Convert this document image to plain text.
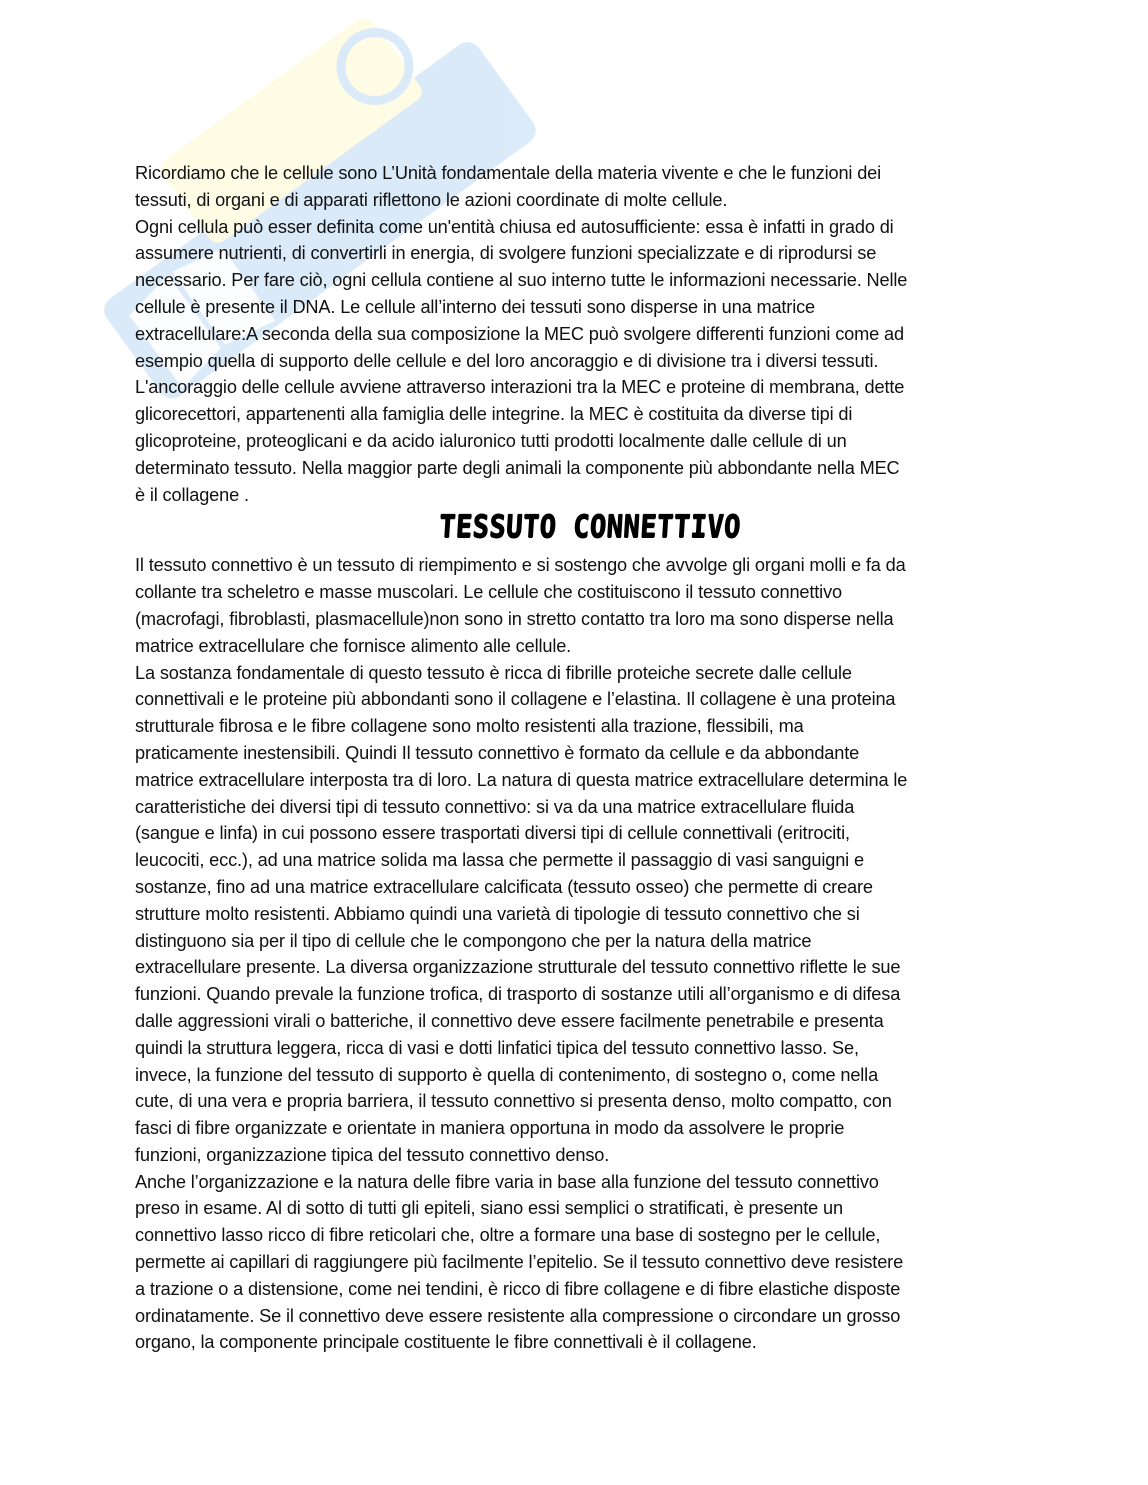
Ricordiamo che le cellule sono L’Unità fondamentale della materia vivente e che le funzioni dei
tessuti, di organi e di apparati riflettono le azioni coordinate di molte cellule.

Ogni cellula può esser definita come un'entità chiusa ed autosufficiente: essa è infatti in grado di
assumere nutrienti, di convertirli in energia, di svolgere funzioni specializzate e di riprodursi se
necessario. Per fare ciò, ogni cellula contiene al suo interno tutte le informazioni necessarie. Nelle
cellule è presente il DNA. Le cellule all’interno dei tessuti sono disperse in una matrice
extracellulare:A seconda della sua composizione la MEC può svolgere differenti funzioni come ad
esempio quella di supporto delle cellule e del loro ancoraggio e di divisione tra i diversi tessuti.
L'ancoraggio delle cellule avviene attraverso interazioni tra la MEC e proteine di membrana, dette
glicorecettori, appartenenti alla famiglia delle integrine. la MEC è costituita da diverse tipi di
glicoproteine, proteoglicani e da acido ialuronico tutti prodotti localmente dalle cellule di un
determinato tessuto. Nella maggior parte degli animali la componente più abbondante nella MEC
è il collagene .

TESSUTO CONNETTIVO

Il tessuto connettivo è un tessuto di riempimento e si sostengo che avvolge gli organi molli e fa da
collante tra scheletro e masse muscolari. Le cellule che costituiscono il tessuto connettivo
(macrofagi, fibroblasti, plasmacellule)non sono in stretto contatto tra loro ma sono disperse nella
matrice extracellulare che fornisce alimento alle cellule.

La sostanza fondamentale di questo tessuto è ricca di fibrille proteiche secrete dalle cellule
connettivali e le proteine più abbondanti sono il collagene e l’elastina. Il collagene è una proteina
strutturale fibrosa e le fibre collagene sono molto resistenti alla trazione, flessibili, ma
praticamente inestensibili. Quindi Il tessuto connettivo è formato da cellule e da abbondante
matrice extracellulare interposta tra di loro. La natura di questa matrice extracellulare determina le
caratteristiche dei diversi tipi di tessuto connettivo: si va da una matrice extracellulare fluida
(sangue e linfa) in cui possono essere trasportati diversi tipi di cellule connettivali (eritrociti,
leucociti, ecc.), ad una matrice solida ma lassa che permette il passaggio di vasi sanguigni e
sostanze, fino ad una matrice extracellulare calcificata (tessuto osseo) che permette di creare
strutture molto resistenti. Abbiamo quindi una varietà di tipologie di tessuto connettivo che si
distinguono sia per il tipo di cellule che le compongono che per la natura della matrice
extracellulare presente. La diversa organizzazione strutturale del tessuto connettivo riflette le sue
funzioni. Quando prevale la funzione trofica, di trasporto di sostanze utili all’organismo e di difesa
dalle aggressioni virali o batteriche, il connettivo deve essere facilmente penetrabile e presenta
quindi la struttura leggera, ricca di vasi e dotti linfatici tipica del tessuto connettivo lasso. Se,
invece, la funzione del tessuto di supporto è quella di contenimento, di sostegno o, come nella
cute, di una vera e propria barriera, il tessuto connettivo si presenta denso, molto compatto, con
fasci di fibre organizzate e orientate in maniera opportuna in modo da assolvere le proprie
funzioni, organizzazione tipica del tessuto connettivo denso.

Anche l’organizzazione e la natura delle fibre varia in base alla funzione del tessuto connettivo
preso in esame. Al di sotto di tutti gli epiteli, siano essi semplici o stratificati, è presente un
connettivo lasso ricco di fibre reticolari che, oltre a formare una base di sostegno per le cellule,
permette ai capillari di raggiungere più facilmente l’epitelio. Se il tessuto connettivo deve resistere
a trazione o a distensione, come nei tendini, è ricco di fibre collagene e di fibre elastiche disposte
ordinatamente. Se il connettivo deve essere resistente alla compressione o circondare un grosso
organo, la componente principale costituente le fibre connettivali è il collagene.
